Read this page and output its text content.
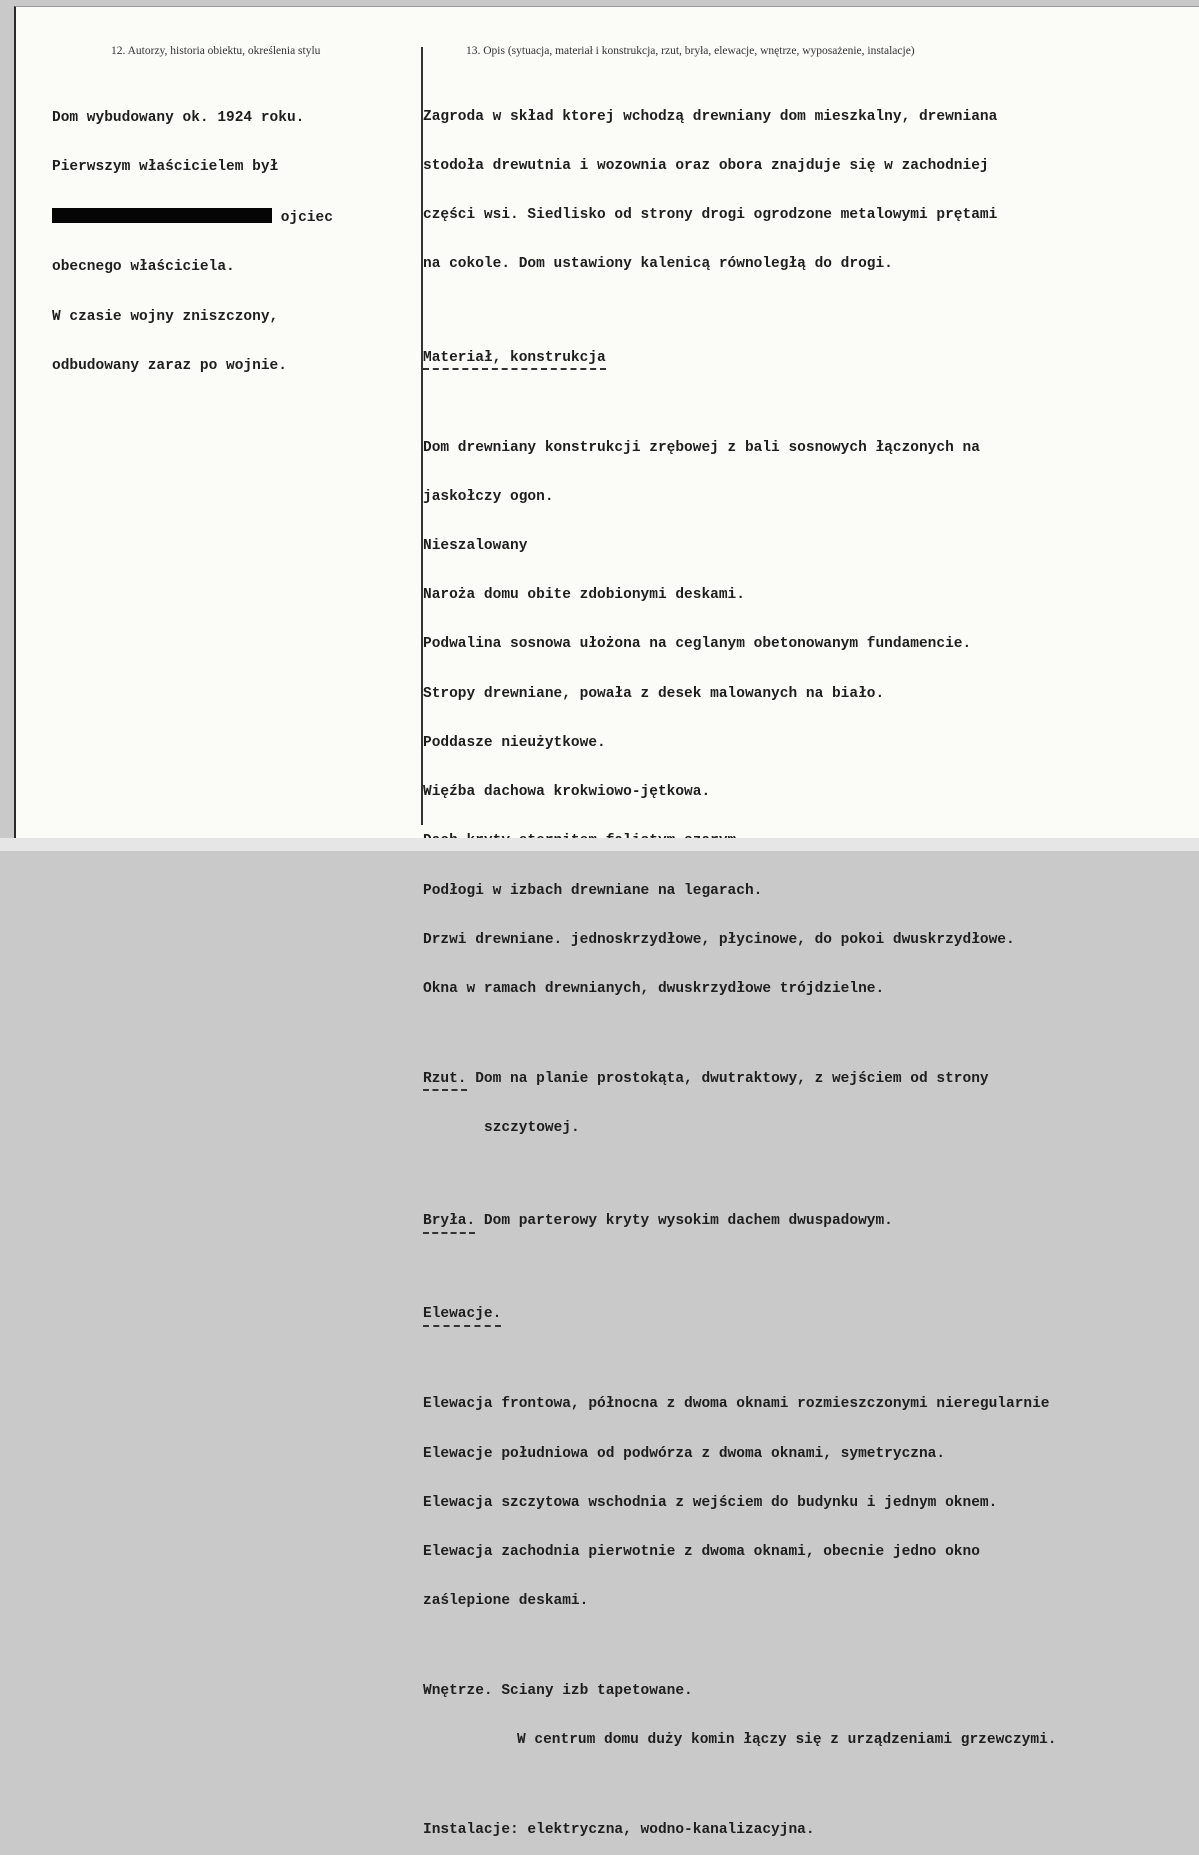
12. Autorzy, historia obiektu, określenia stylu	13. Opis (sytuacja, materiał i konstrukcja, rzut, bryła, elewacje, wnętrze, wyposażenie, instalacje)

Dom wybudowany ok. 1924 roku.

Pierwszym właścicielem był

ojciec

obecnego właściciela.

W czasie wojny zniszczony,

odbudowany zaraz po wojnie.

Zagroda w skład ktorej wchodzą drewniany dom mieszkalny, drewniana

stodoła drewutnia i wozownia oraz obora znajduje się w zachodniej

części wsi. Siedlisko od strony drogi ogrodzone metalowymi prętami

na cokole. Dom ustawiony kalenicą równoległą do drogi.

Materiał, konstrukcja

Dom drewniany konstrukcji zrębowej z bali sosnowych łączonych na

jaskołczy ogon.

Nieszalowany

Naroża domu obite zdobionymi deskami.

Podwalina sosnowa ułożona na ceglanym obetonowanym fundamencie.

Stropy drewniane, powała z desek malowanych na biało.

Poddasze nieużytkowe.

Więźba dachowa krokwiowo-jętkowa.

Podłogi w izbach drewniane na legarach.

Drzwi drewniane. jednoskrzydłowe, płycinowe, do pokoi dwuskrzydłowe.

Okna w ramach drewnianych, dwuskrzydłowe trójdzielne.

Rzut. Dom na planie prostokąta, dwutraktowy, z wejściem od strony

szczytowej.

Bryła. Dom parterowy kryty wysokim dachem dwuspadowym.

Elewacje.

Elewacja frontowa, północna z dwoma oknami rozmieszczonymi nieregularnie

Elewacje południowa od podwórza z dwoma oknami, symetryczna.

Elewacja szczytowa wschodnia z wejściem do budynku i jednym oknem.

Elewacja zachodnia pierwotnie z dwoma oknami, obecnie jedno okno

zaślepione deskami.

Wnętrze. Sciany izb tapetowane.

W centrum domu duży komin łączy się z urządzeniami grzewczymi.

Instalacje: elektryczna, wodno-kanalizacyjna.
